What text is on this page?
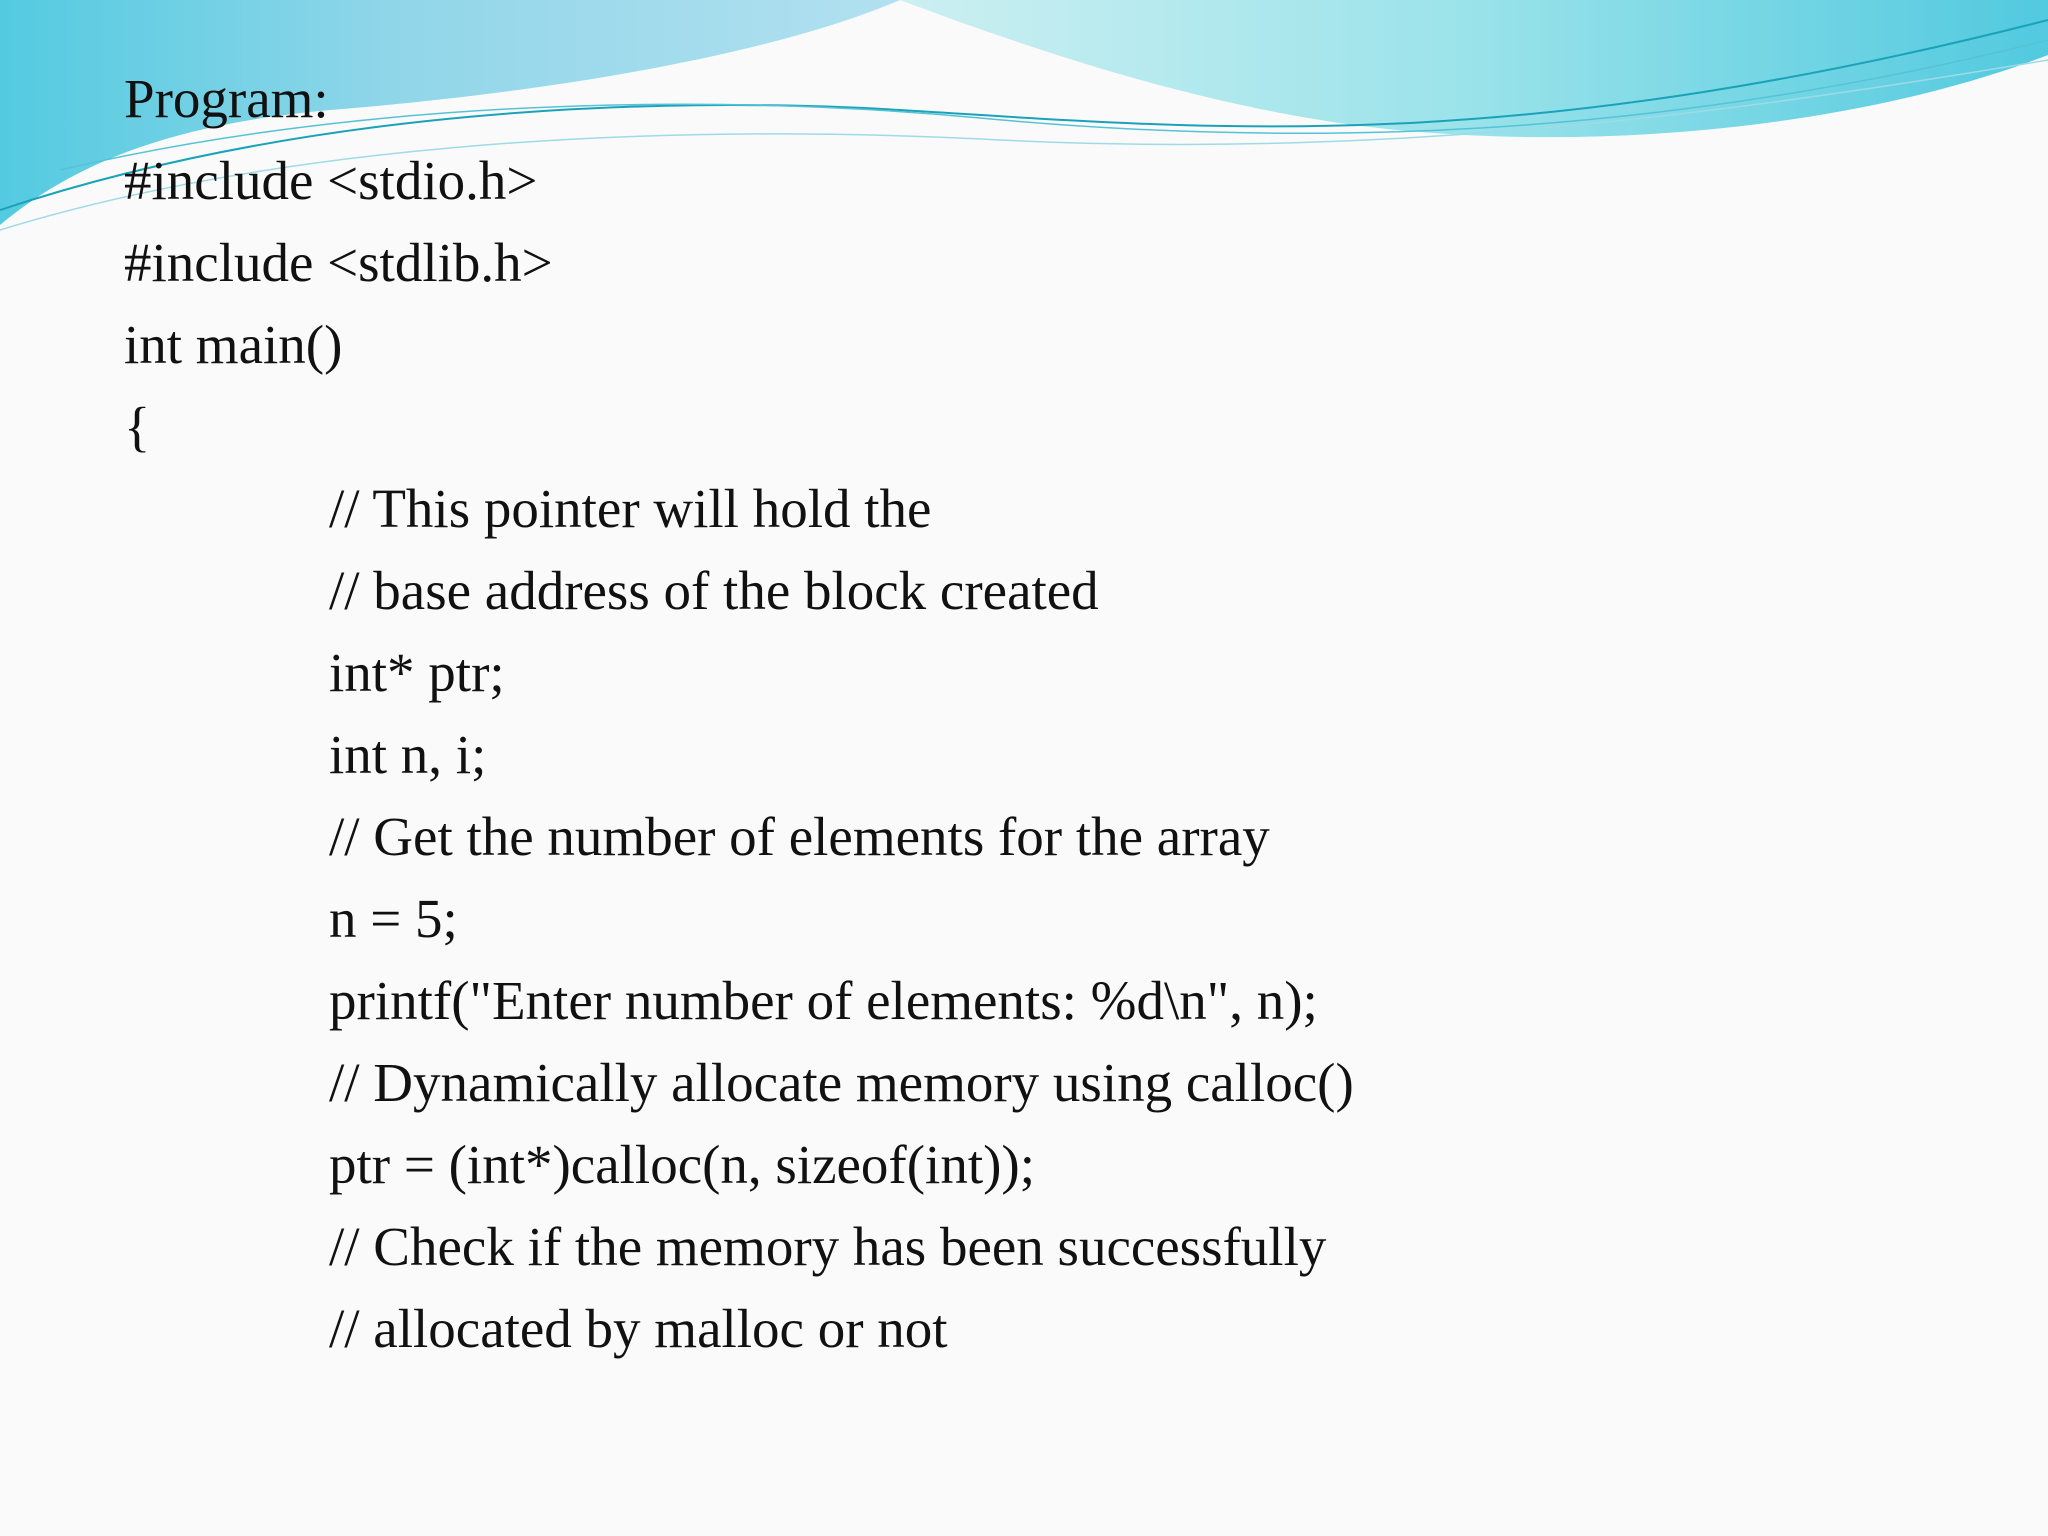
Program:
#include <stdio.h>
#include <stdlib.h>
int main()
{
// This pointer will hold the
// base address of the block created
int* ptr;
int n, i;
// Get the number of elements for the array
n = 5;
printf("Enter number of elements: %d\n", n);
// Dynamically allocate memory using calloc()
ptr = (int*)calloc(n, sizeof(int));
// Check if the memory has been successfully
// allocated by malloc or not
